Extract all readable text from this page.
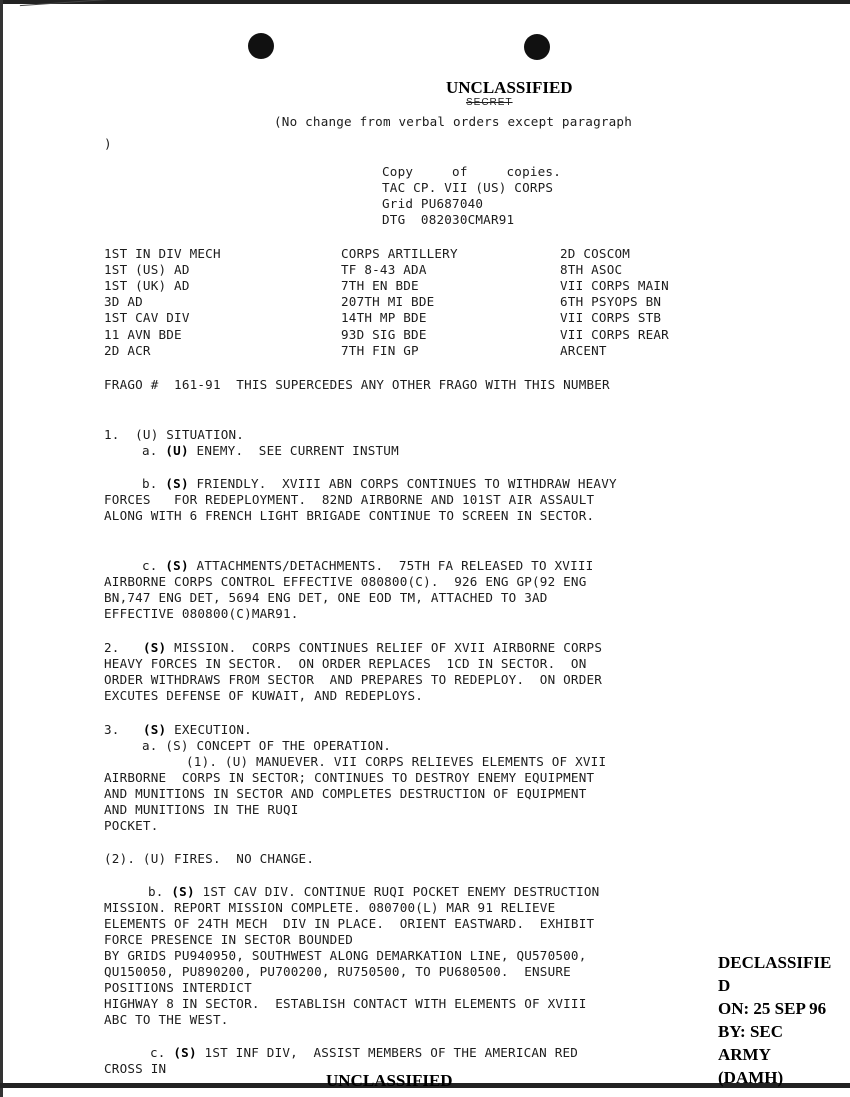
UNCLASSIFIED
SECRET
(No change from verbal orders except paragraph
)
Copy     of     copies.
TAC CP. VII (US) CORPS
Grid PU687040
DTG  082030CMAR91
1ST IN DIV MECH
1ST (US) AD
1ST (UK) AD
3D AD
1ST CAV DIV
11 AVN BDE
2D ACR
CORPS ARTILLERY
TF 8-43 ADA
7TH EN BDE
207TH MI BDE
14TH MP BDE
93D SIG BDE
7TH FIN GP
2D COSCOM
8TH ASOC
VII CORPS MAIN
6TH PSYOPS BN
VII CORPS STB
VII CORPS REAR
ARCENT
FRAGO #  161-91  THIS SUPERCEDES ANY OTHER FRAGO WITH THIS NUMBER
1.  (U) SITUATION.
a. (U) ENEMY.  SEE CURRENT INSTUM
b. (S) FRIENDLY.  XVIII ABN CORPS CONTINUES TO WITHDRAW HEAVY
FORCES   FOR REDEPLOYMENT.  82ND AIRBORNE AND 101ST AIR ASSAULT
ALONG WITH 6 FRENCH LIGHT BRIGADE CONTINUE TO SCREEN IN SECTOR.
c. (S) ATTACHMENTS/DETACHMENTS.  75TH FA RELEASED TO XVIII
AIRBORNE CORPS CONTROL EFFECTIVE 080800(C).  926 ENG GP(92 ENG
BN,747 ENG DET, 5694 ENG DET, ONE EOD TM, ATTACHED TO 3AD
EFFECTIVE 080800(C)MAR91.
2. (S) MISSION.  CORPS CONTINUES RELIEF OF XVII AIRBORNE CORPS
HEAVY FORCES IN SECTOR.  ON ORDER REPLACES  1CD IN SECTOR.  ON
ORDER WITHDRAWS FROM SECTOR  AND PREPARES TO REDEPLOY.  ON ORDER
EXCUTES DEFENSE OF KUWAIT, AND REDEPLOYS.
3. (S) EXECUTION.
a. (S) CONCEPT OF THE OPERATION.
(1). (U) MANUEVER. VII CORPS RELIEVES ELEMENTS OF XVII
AIRBORNE  CORPS IN SECTOR; CONTINUES TO DESTROY ENEMY EQUIPMENT
AND MUNITIONS IN SECTOR AND COMPLETES DESTRUCTION OF EQUIPMENT
AND MUNITIONS IN THE RUQI
POCKET.
(2). (U) FIRES.  NO CHANGE.
b. (S) 1ST CAV DIV. CONTINUE RUQI POCKET ENEMY DESTRUCTION
MISSION. REPORT MISSION COMPLETE. 080700(L) MAR 91 RELIEVE
ELEMENTS OF 24TH MECH  DIV IN PLACE.  ORIENT EASTWARD.  EXHIBIT
FORCE PRESENCE IN SECTOR BOUNDED
BY GRIDS PU940950, SOUTHWEST ALONG DEMARKATION LINE, QU570500,
QU150050, PU890200, PU700200, RU750500, TO PU680500.  ENSURE
POSITIONS INTERDICT
HIGHWAY 8 IN SECTOR.  ESTABLISH CONTACT WITH ELEMENTS OF XVIII
ABC TO THE WEST.
c. (S) 1ST INF DIV,  ASSIST MEMBERS OF THE AMERICAN RED
CROSS IN
UNCLASSIFIED
DECLASSIFIE
D
ON: 25 SEP 96
BY: SEC
ARMY
(DAMH)
